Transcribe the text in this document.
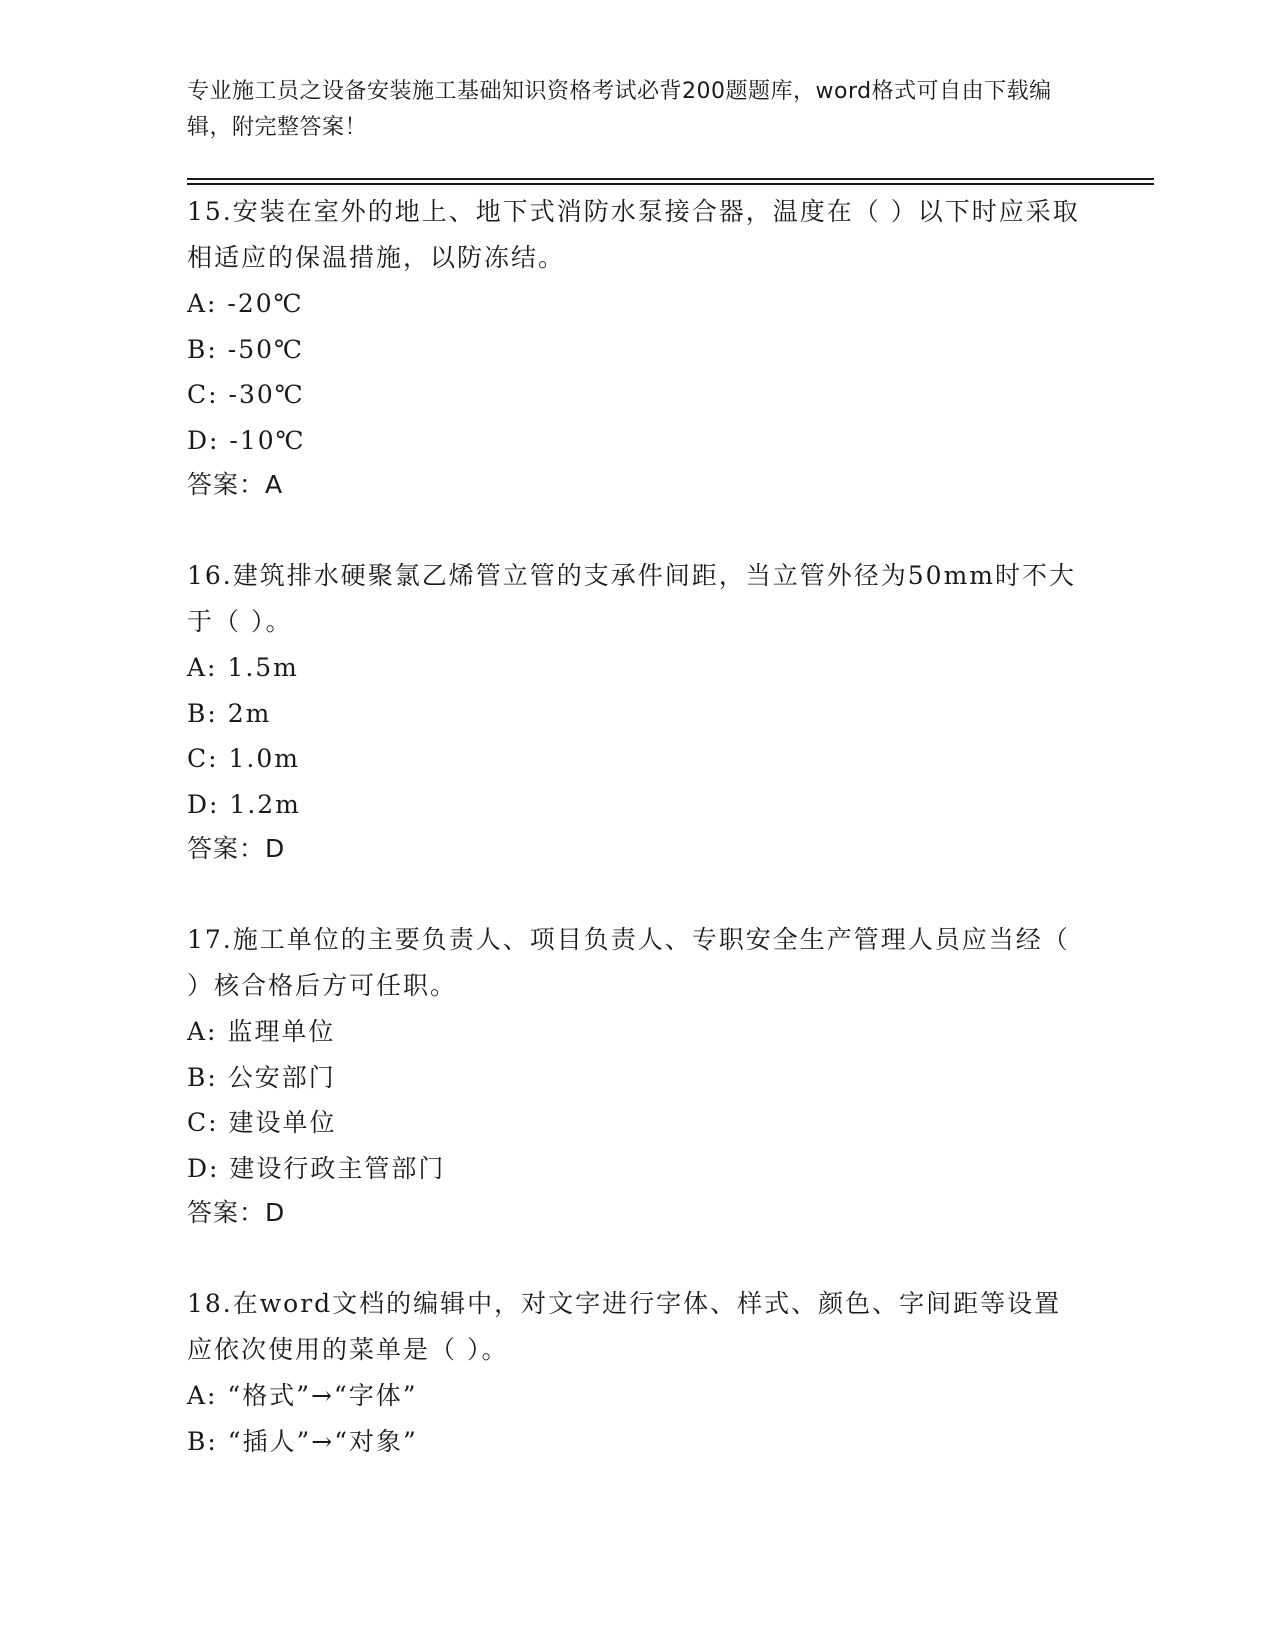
专业施工员之设备安装施工基础知识资格考试必背200题题库，word格式可自由下载编辑，附完整答案！

15.安装在室外的地上、地下式消防水泵接合器，温度在（ ）以下时应采取相适应的保温措施，以防冻结。

A: -20℃

B: -50℃

C: -30℃

D: -10℃

答案：A

16.建筑排水硬聚氯乙烯管立管的支承件间距，当立管外径为50mm时不大于（ ）。

A: 1.5m

B: 2m

C: 1.0m

D: 1.2m

答案：D

17.施工单位的主要负责人、项目负责人、专职安全生产管理人员应当经（ ）核合格后方可任职。

A: 监理单位

B: 公安部门

C: 建设单位

D: 建设行政主管部门

答案：D

18.在word文档的编辑中，对文字进行字体、样式、颜色、字间距等设置应依次使用的菜单是（ ）。

A: “格式”→“字体”

B: “插人”→“对象”
